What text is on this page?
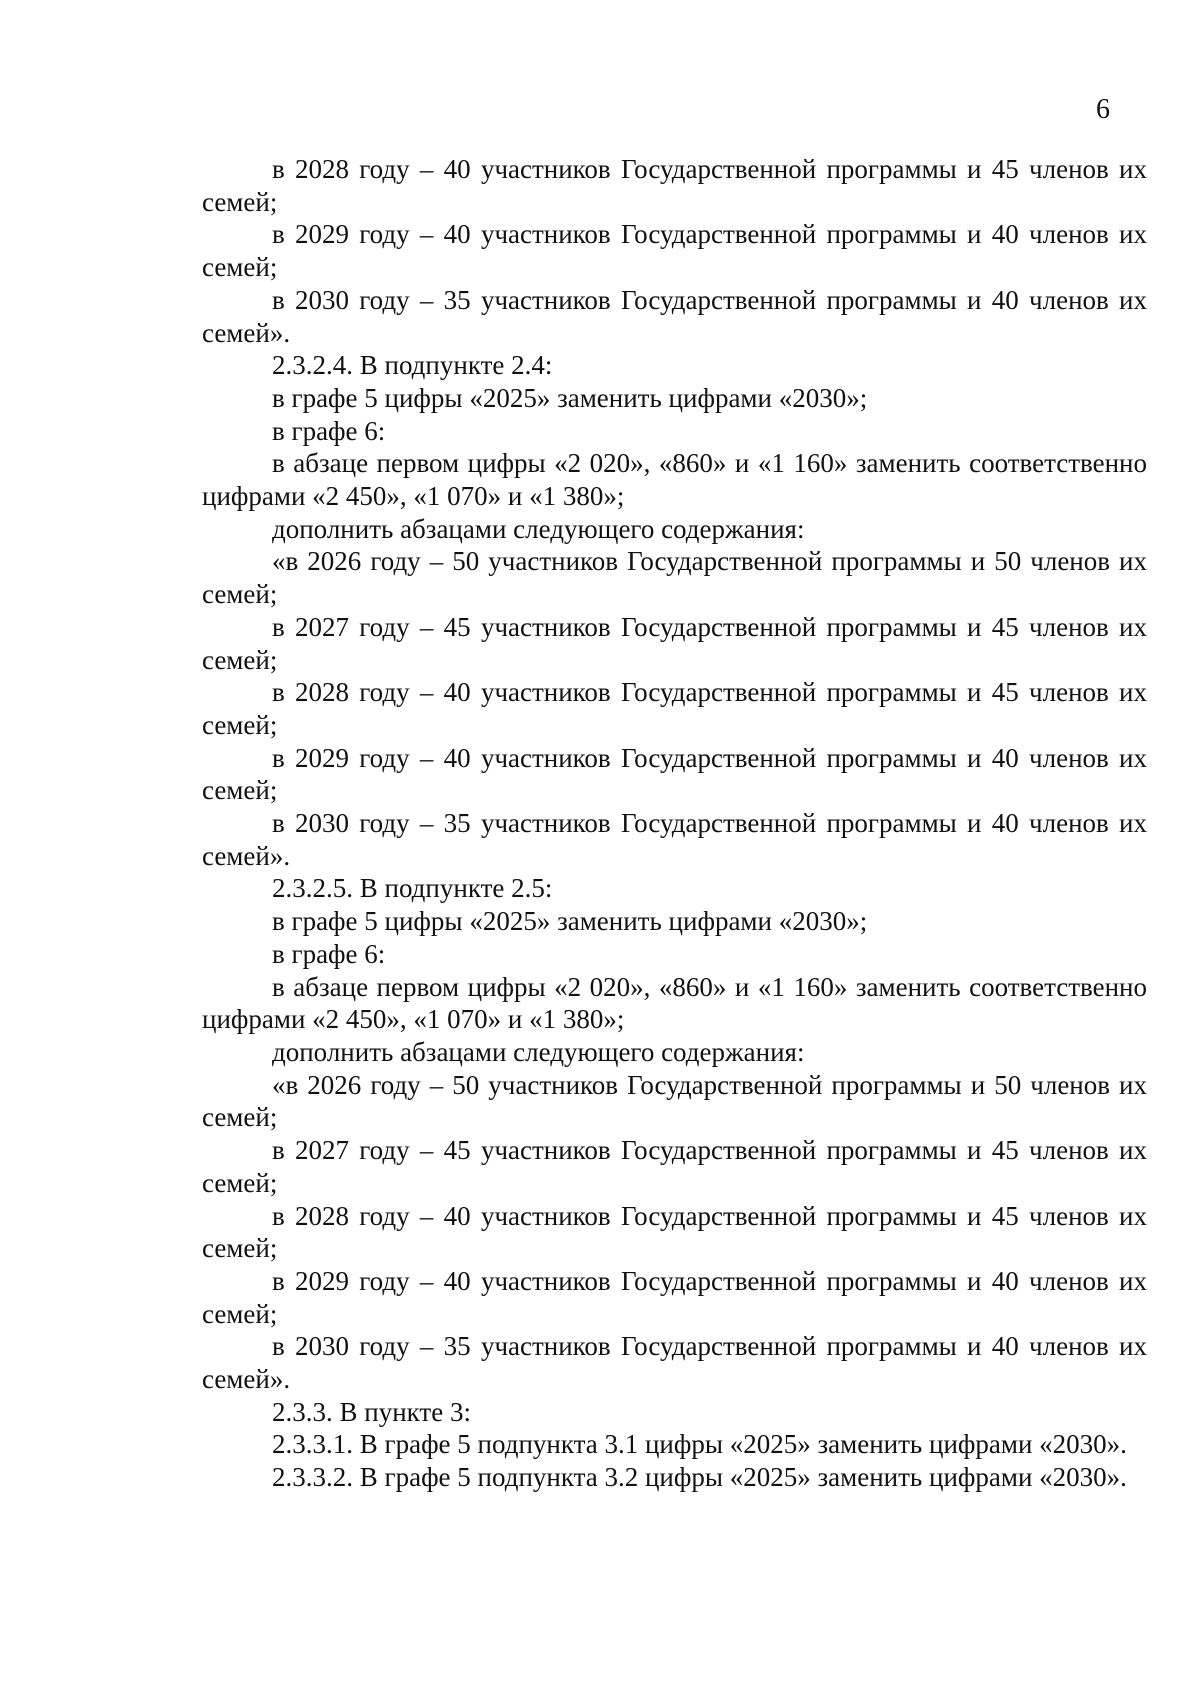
6

в 2028 году – 40 участников Государственной программы и 45 членов их семей;

в 2029 году – 40 участников Государственной программы и 40 членов их семей;

в 2030 году – 35 участников Государственной программы и 40 членов их семей».

2.3.2.4. В подпункте 2.4:

в графе 5 цифры «2025» заменить цифрами «2030»;

в графе 6:

в абзаце первом цифры «2 020», «860» и «1 160» заменить соответственно цифрами «2 450», «1 070» и «1 380»;

дополнить абзацами следующего содержания:

«в 2026 году – 50 участников Государственной программы и 50 членов их семей;

в 2027 году – 45 участников Государственной программы и 45 членов их семей;

в 2028 году – 40 участников Государственной программы и 45 членов их семей;

в 2029 году – 40 участников Государственной программы и 40 членов их семей;

в 2030 году – 35 участников Государственной программы и 40 членов их семей».

2.3.2.5. В подпункте 2.5:

в графе 5 цифры «2025» заменить цифрами «2030»;

в графе 6:

в абзаце первом цифры «2 020», «860» и «1 160» заменить соответственно цифрами «2 450», «1 070» и «1 380»;

дополнить абзацами следующего содержания:

«в 2026 году – 50 участников Государственной программы и 50 членов их семей;

в 2027 году – 45 участников Государственной программы и 45 членов их семей;

в 2028 году – 40 участников Государственной программы и 45 членов их семей;

в 2029 году – 40 участников Государственной программы и 40 членов их семей;

в 2030 году – 35 участников Государственной программы и 40 членов их семей».

2.3.3. В пункте 3:

2.3.3.1. В графе 5 подпункта 3.1 цифры «2025» заменить цифрами «2030».

2.3.3.2. В графе 5 подпункта 3.2 цифры «2025» заменить цифрами «2030».
